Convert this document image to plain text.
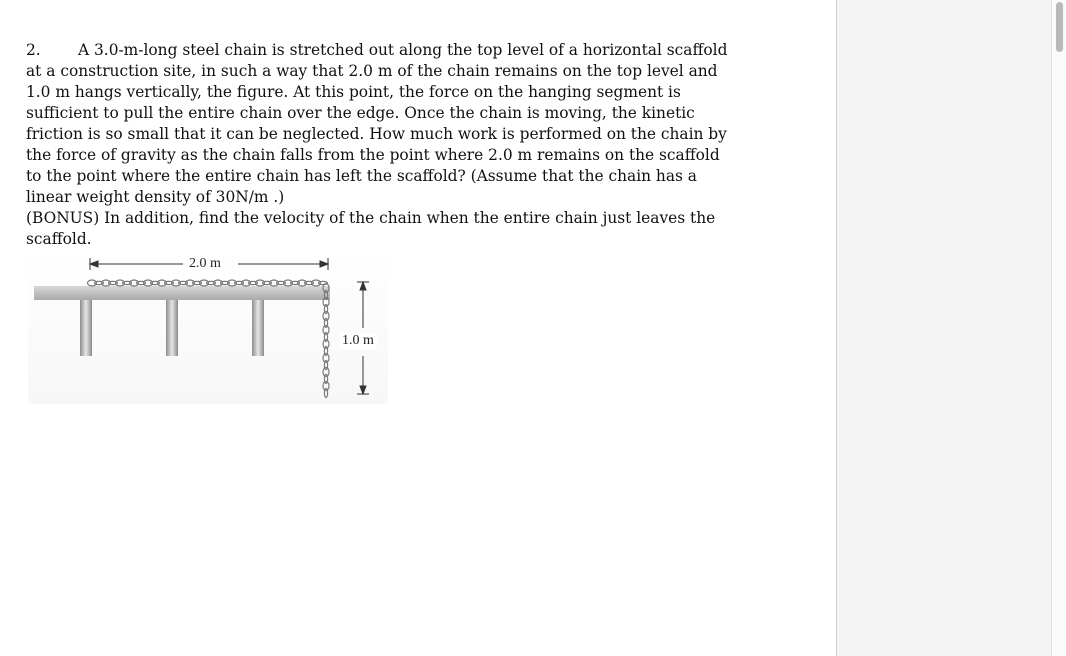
2. A 3.0-m-long steel chain is stretched out along the top level of a horizontal scaffold at a construction site, in such a way that 2.0 m of the chain remains on the top level and 1.0 m hangs vertically, the figure. At this point, the force on the hanging segment is sufficient to pull the entire chain over the edge. Once the chain is moving, the kinetic friction is so small that it can be neglected. How much work is performed on the chain by the force of gravity as the chain falls from the point where 2.0 m remains on the scaffold to the point where the entire chain has left the scaffold? (Assume that the chain has a linear weight density of 30N/m .)

(BONUS) In addition, find the velocity of the chain when the entire chain just leaves the scaffold.

2.0 m
1.0 m
